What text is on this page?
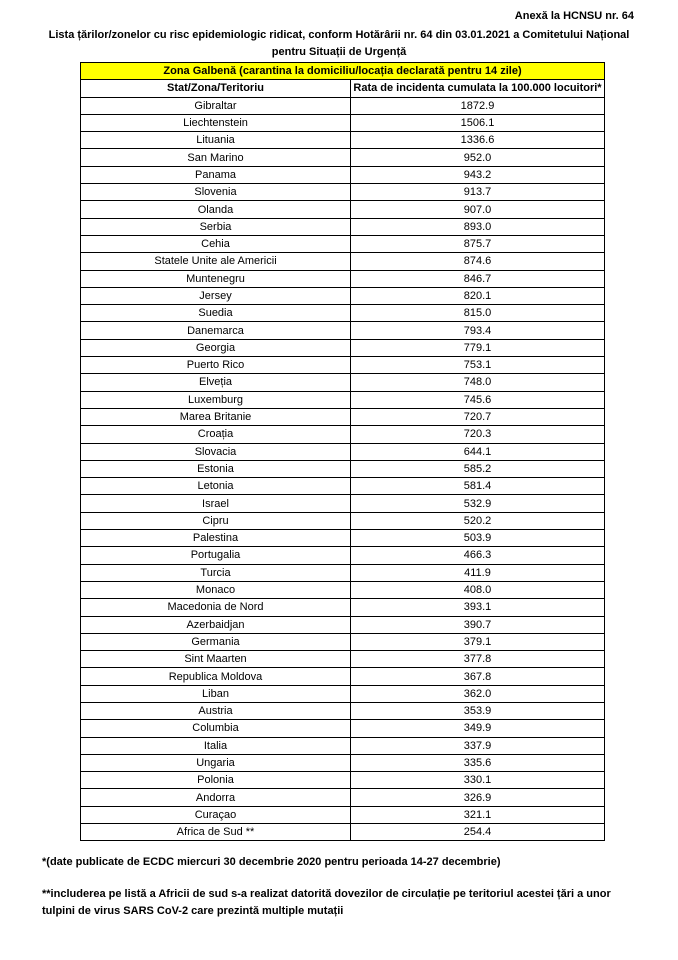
Anexă la HCNSU nr. 64
Lista țărilor/zonelor cu risc epidemiologic ridicat, conform Hotărârii nr. 64 din 03.01.2021 a Comitetului Național
pentru Situații de Urgență
Zona Galbenă (carantina la domiciliu/locația declarată pentru 14 zile)	
Stat/Zona/Teritoriu	Rata de incidenta cumulata la 100.000 locuitori*
Gibraltar	1872.9
Liechtenstein	1506.1
Lituania	1336.6
San Marino	952.0
Panama	943.2
Slovenia	913.7
Olanda	907.0
Serbia	893.0
Cehia	875.7
Statele Unite ale Americii	874.6
Muntenegru	846.7
Jersey	820.1
Suedia	815.0
Danemarca	793.4
Georgia	779.1
Puerto Rico	753.1
Elveția	748.0
Luxemburg	745.6
Marea Britanie	720.7
Croația	720.3
Slovacia	644.1
Estonia	585.2
Letonia	581.4
Israel	532.9
Cipru	520.2
Palestina	503.9
Portugalia	466.3
Turcia	411.9
Monaco	408.0
Macedonia de Nord	393.1
Azerbaidjan	390.7
Germania	379.1
Sint Maarten	377.8
Republica Moldova	367.8
Liban	362.0
Austria	353.9
Columbia	349.9
Italia	337.9
Ungaria	335.6
Polonia	330.1
Andorra	326.9
Curaçao	321.1
Africa de Sud **	254.4
*(date publicate de ECDC miercuri 30 decembrie 2020 pentru perioada 14-27 decembrie)
**includerea pe listă a Africii de sud s-a realizat datorită dovezilor de circulație pe teritoriul acestei țări a unor tulpini de virus SARS CoV-2 care prezintă multiple mutații
